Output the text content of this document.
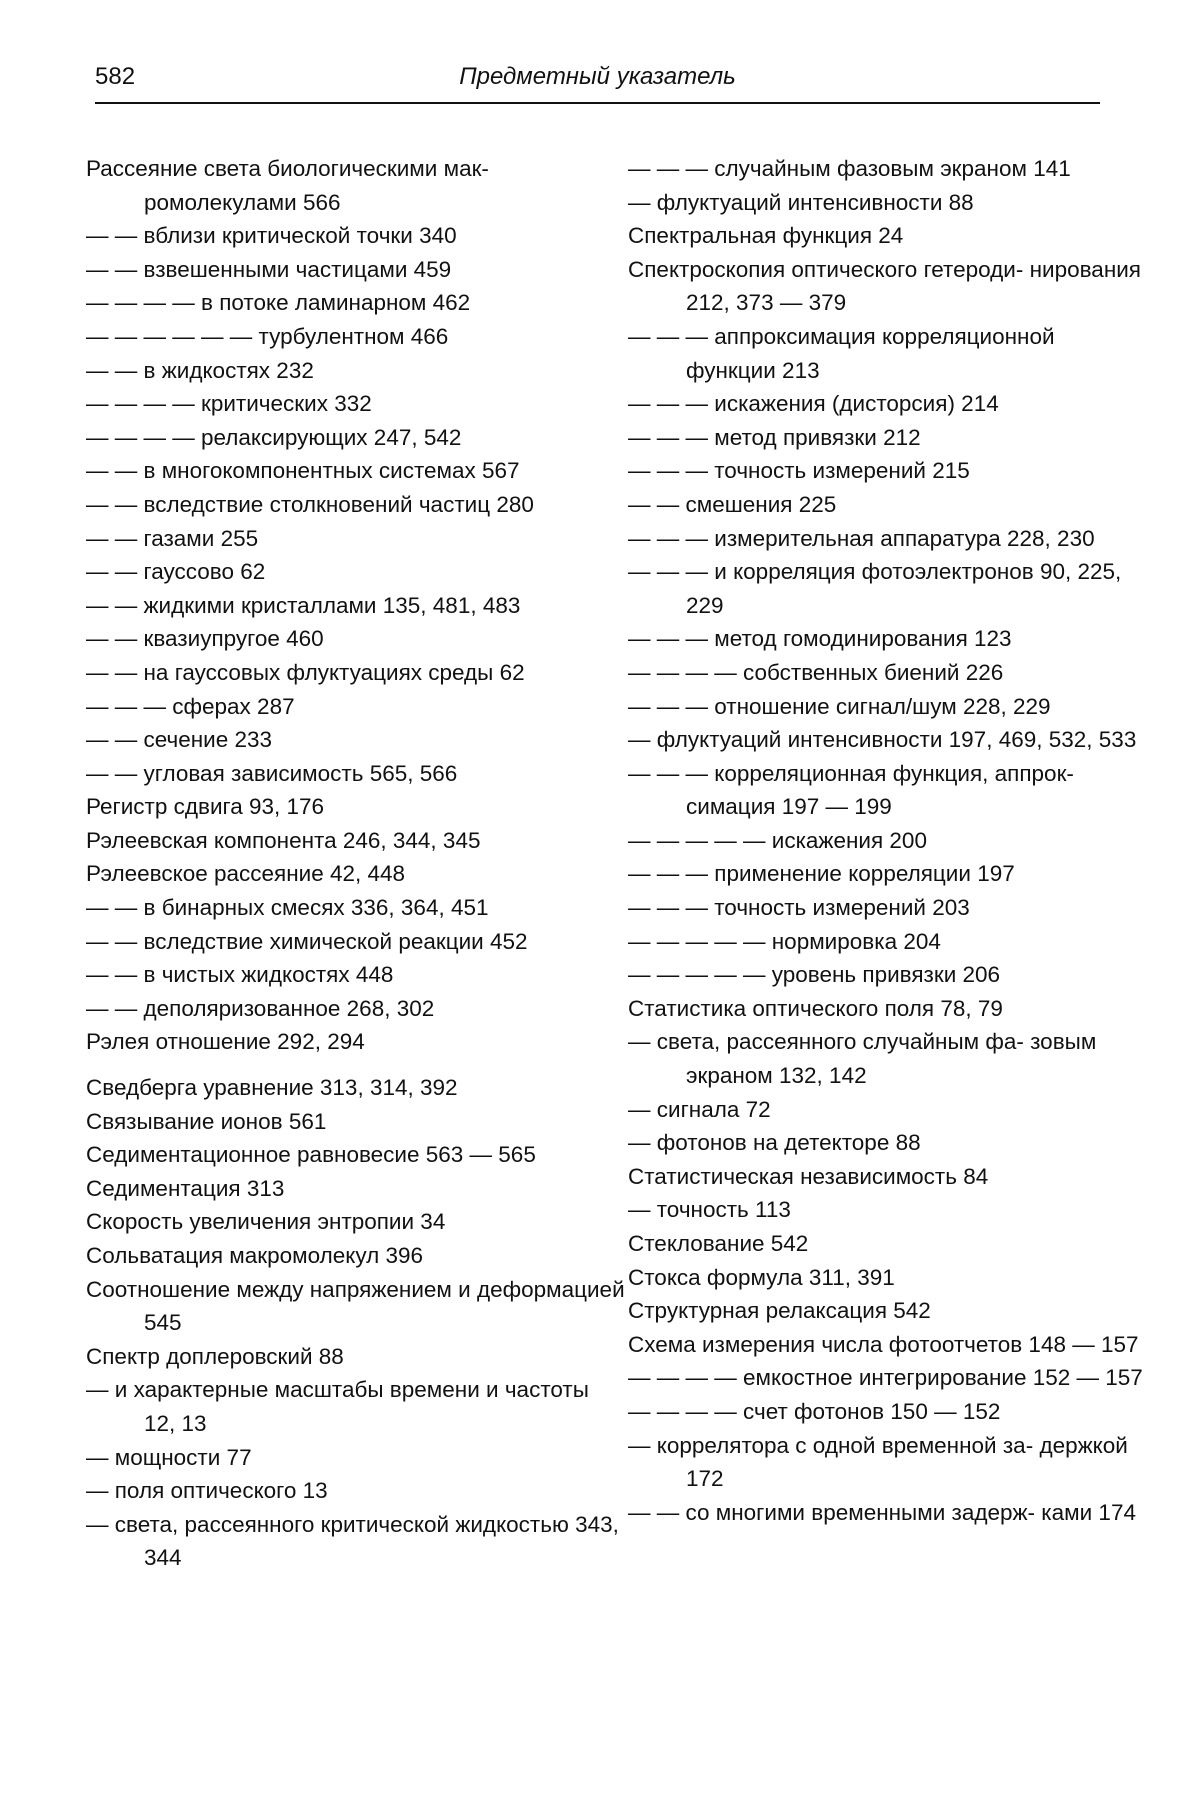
582	Предметный указатель
Рассеяние света биологическими мак- ромолекулами 566
— — вблизи критической точки 340
— — взвешенными частицами 459
— — — — в потоке ламинарном 462
— — — — — — турбулентном 466
— — в жидкостях 232
— — — — критических 332
— — — — релаксирующих 247, 542
— — в многокомпонентных системах 567
— — вследствие столкновений частиц 280
— — газами 255
— — гауссово 62
— — жидкими кристаллами 135, 481, 483
— — квазиупругое 460
— — на гауссовых флуктуациях среды 62
— — — сферах 287
— — сечение 233
— — угловая зависимость 565, 566
Регистр сдвига 93, 176
Рэлеевская компонента 246, 344, 345
Рэлеевское рассеяние 42, 448
— — в бинарных смесях 336, 364, 451
— — вследствие химической реакции 452
— — в чистых жидкостях 448
— — деполяризованное 268, 302
Рэлея отношение 292, 294
Сведберга уравнение 313, 314, 392
Связывание ионов 561
Седиментационное равновесие 563 — 565
Седиментация 313
Скорость увеличения энтропии 34
Сольватация макромолекул 396
Соотношение между напряжением и деформацией 545
Спектр доплеровский 88
— и характерные масштабы времени и частоты 12, 13
— мощности 77
— поля оптического 13
— света, рассеянного критической жидкостью 343, 344
— — — случайным фазовым экраном 141
— флуктуаций интенсивности 88
Спектральная функция 24
Спектроскопия оптического гетероди- нирования 212, 373 — 379
— — — аппроксимация корреляционной функции 213
— — — искажения (дисторсия) 214
— — — метод привязки 212
— — — точность измерений 215
— — смешения 225
— — — измерительная аппаратура 228, 230
— — — и корреляция фотоэлектронов 90, 225, 229
— — — метод гомодинирования 123
— — — — собственных биений 226
— — — отношение сигнал/шум 228, 229
— флуктуаций интенсивности 197, 469, 532, 533
— — — корреляционная функция, аппрок- симация 197 — 199
— — — — — искажения 200
— — — применение корреляции 197
— — — точность измерений 203
— — — — — нормировка 204
— — — — — уровень привязки 206
Статистика оптического поля 78, 79
— света, рассеянного случайным фа- зовым экраном 132, 142
— сигнала 72
— фотонов на детекторе 88
Статистическая независимость 84
— точность 113
Стеклование 542
Стокса формула 311, 391
Структурная релаксация 542
Схема измерения числа фотоотчетов 148 — 157
— — — — емкостное интегрирование 152 — 157
— — — — счет фотонов 150 — 152
— коррелятора с одной временной за- держкой 172
— — со многими временными задерж- ками 174
